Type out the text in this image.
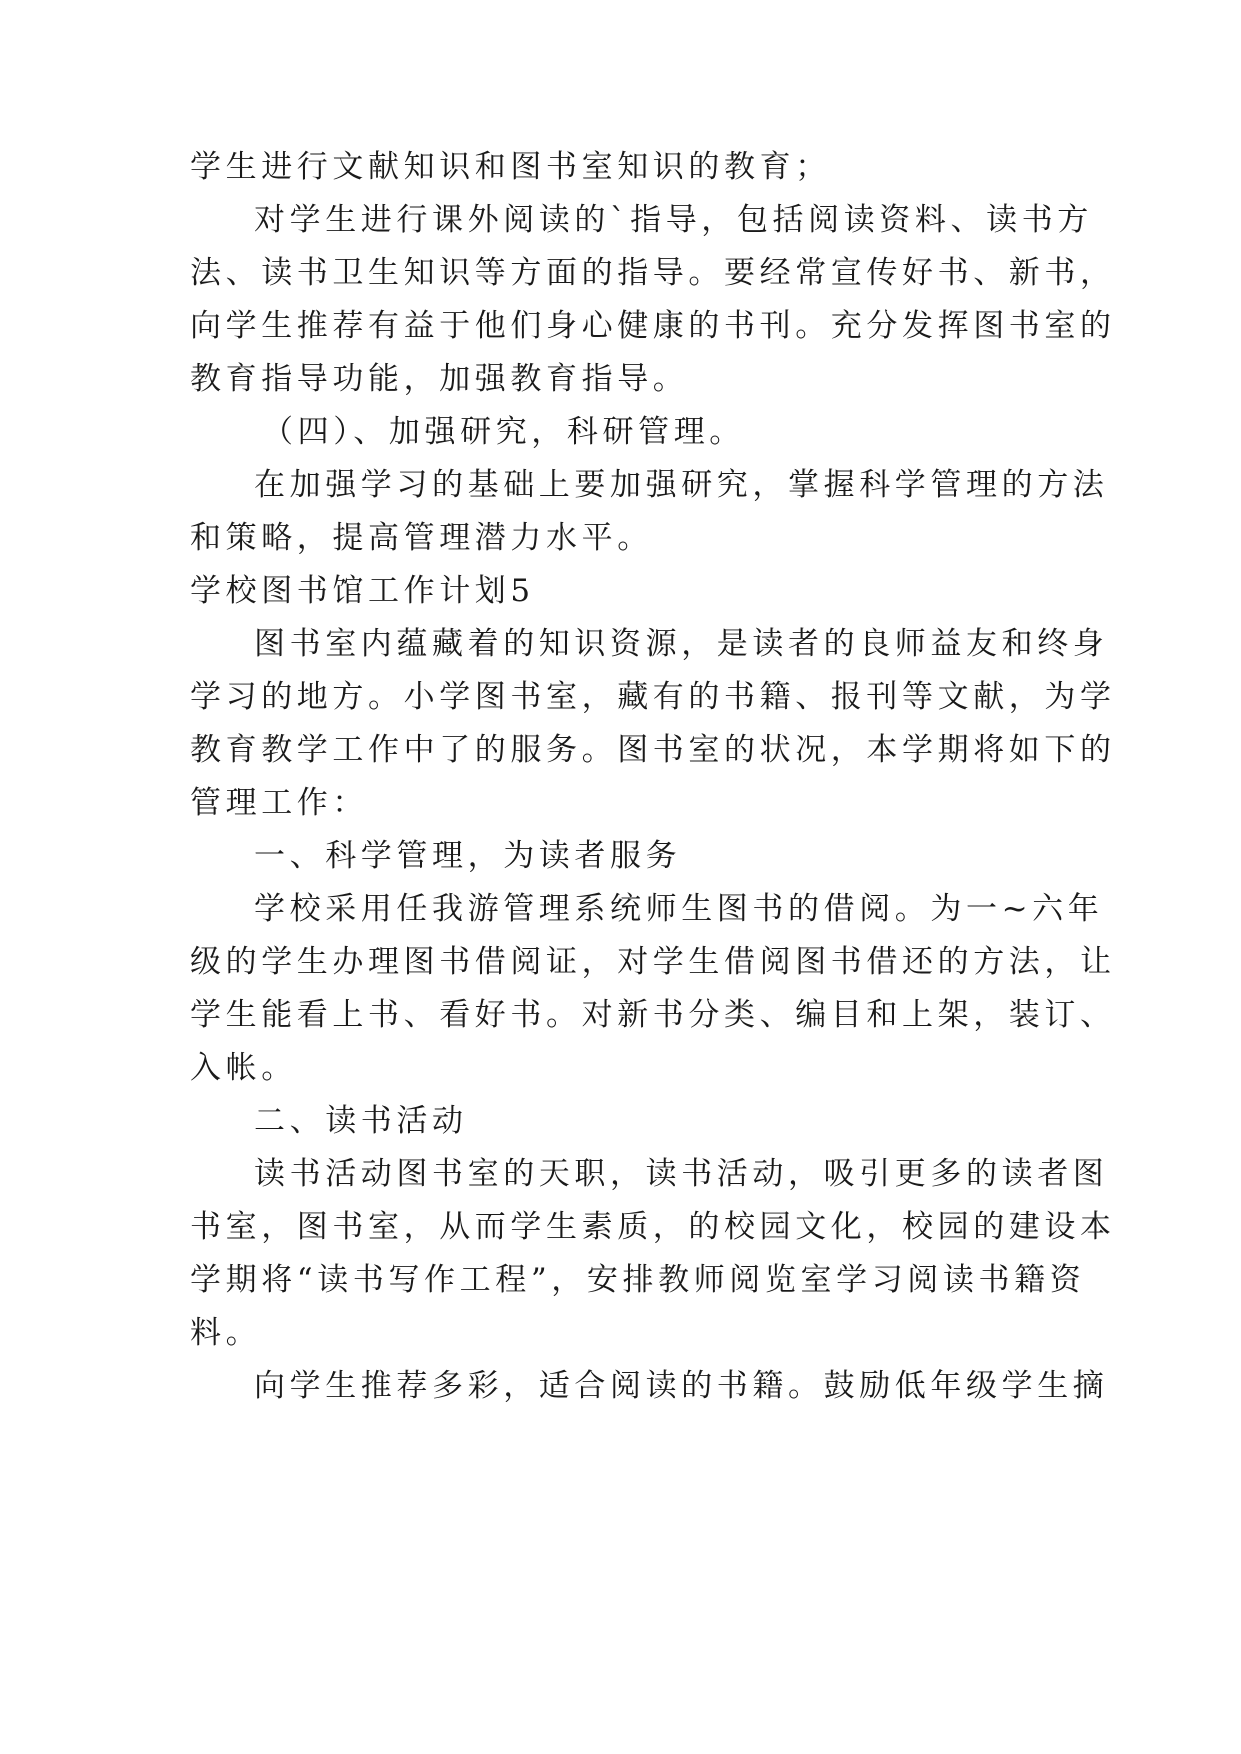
学生进行文献知识和图书室知识的教育；
对学生进行课外阅读的`指导，包括阅读资料、读书方
法、读书卫生知识等方面的指导。要经常宣传好书、新书，
向学生推荐有益于他们身心健康的书刊。充分发挥图书室的
教育指导功能，加强教育指导。
（四）、加强研究，科研管理。
在加强学习的基础上要加强研究，掌握科学管理的方法
和策略，提高管理潜力水平。
学校图书馆工作计划5
图书室内蕴藏着的知识资源，是读者的良师益友和终身
学习的地方。小学图书室，藏有的书籍、报刊等文献，为学
教育教学工作中了的服务。图书室的状况，本学期将如下的
管理工作：
一、科学管理，为读者服务
学校采用任我游管理系统师生图书的借阅。为一~六年
级的学生办理图书借阅证，对学生借阅图书借还的方法，让
学生能看上书、看好书。对新书分类、编目和上架，装订、
入帐。
二、读书活动
读书活动图书室的天职，读书活动，吸引更多的读者图
书室，图书室，从而学生素质，的校园文化，校园的建设本
学期将“读书写作工程”，安排教师阅览室学习阅读书籍资
料。
向学生推荐多彩，适合阅读的书籍。鼓励低年级学生摘
